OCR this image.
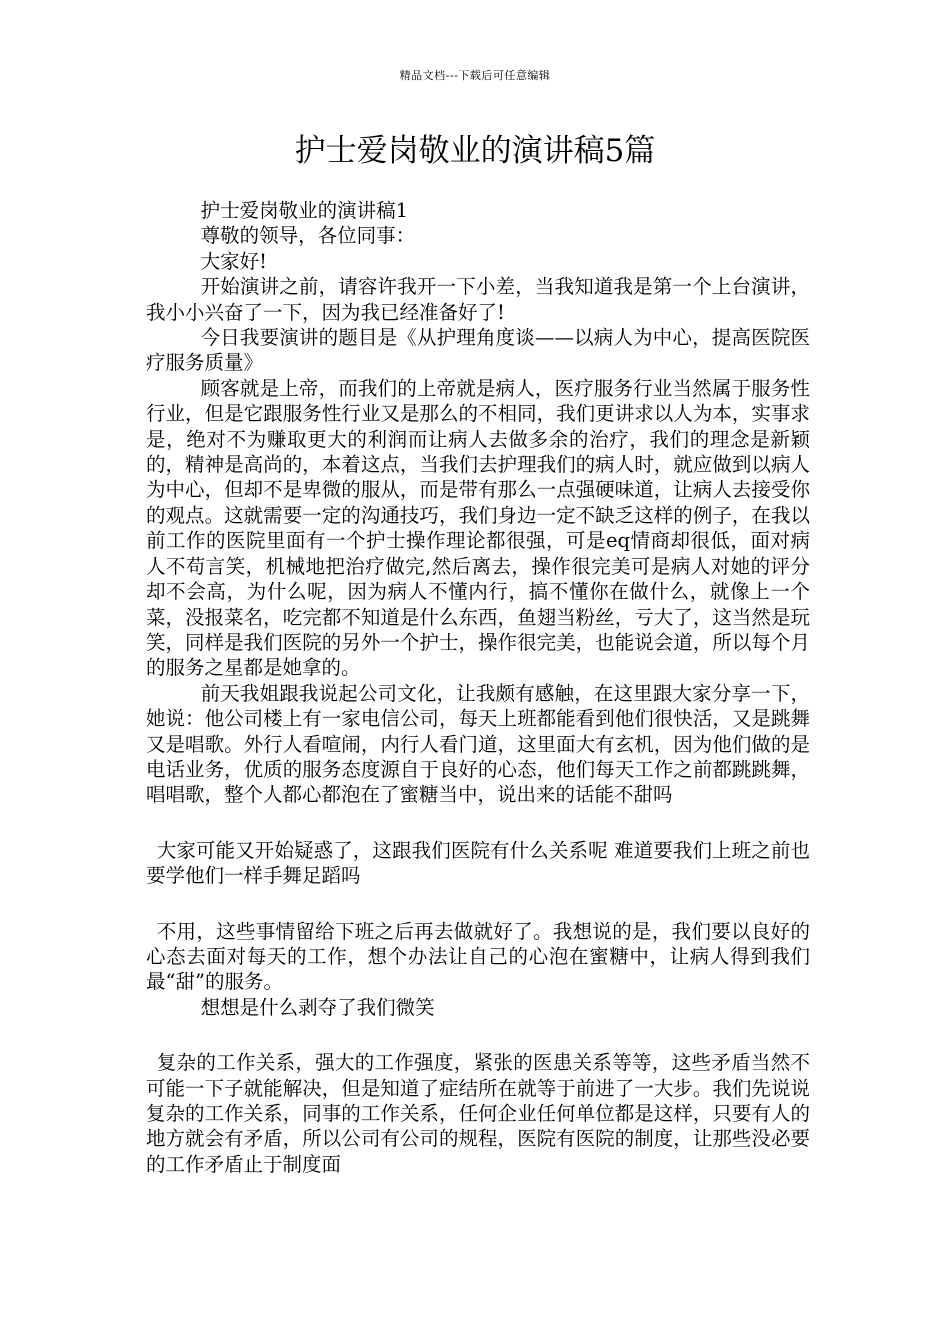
精品文档---下载后可任意编辑
护士爱岗敬业的演讲稿5篇

护士爱岗敬业的演讲稿1

尊敬的领导，各位同事：

大家好!

开始演讲之前，请容许我开一下小差，当我知道我是第一个上台演讲，我小小兴奋了一下，因为我已经准备好了!

今日我要演讲的题目是《从护理角度谈——以病人为中心，提高医院医疗服务质量》

顾客就是上帝，而我们的上帝就是病人，医疗服务行业当然属于服务性行业，但是它跟服务性行业又是那么的不相同，我们更讲求以人为本，实事求是，绝对不为赚取更大的利润而让病人去做多余的治疗，我们的理念是新颖的，精神是高尚的，本着这点，当我们去护理我们的病人时，就应做到以病人为中心，但却不是卑微的服从，而是带有那么一点强硬味道，让病人去接受你的观点。这就需要一定的沟通技巧，我们身边一定不缺乏这样的例子，在我以前工作的医院里面有一个护士操作理论都很强，可是eq情商却很低，面对病人不苟言笑，机械地把治疗做完,然后离去，操作很完美可是病人对她的评分却不会高，为什么呢，因为病人不懂内行，搞不懂你在做什么，就像上一个菜，没报菜名，吃完都不知道是什么东西，鱼翅当粉丝，亏大了，这当然是玩笑，同样是我们医院的另外一个护士，操作很完美，也能说会道，所以每个月的服务之星都是她拿的。

前天我姐跟我说起公司文化，让我颇有感触，在这里跟大家分享一下，她说：他公司楼上有一家电信公司，每天上班都能看到他们很快活，又是跳舞又是唱歌。外行人看喧闹，内行人看门道，这里面大有玄机，因为他们做的是电话业务，优质的服务态度源自于良好的心态，他们每天工作之前都跳跳舞，唱唱歌，整个人都心都泡在了蜜糖当中，说出来的话能不甜吗

大家可能又开始疑惑了，这跟我们医院有什么关系呢 难道要我们上班之前也要学他们一样手舞足蹈吗

不用，这些事情留给下班之后再去做就好了。我想说的是，我们要以良好的心态去面对每天的工作，想个办法让自己的心泡在蜜糖中，让病人得到我们最“甜”的服务。

想想是什么剥夺了我们微笑

复杂的工作关系，强大的工作强度，紧张的医患关系等等，这些矛盾当然不可能一下子就能解决，但是知道了症结所在就等于前进了一大步。我们先说说复杂的工作关系，同事的工作关系，任何企业任何单位都是这样，只要有人的地方就会有矛盾，所以公司有公司的规程，医院有医院的制度，让那些没必要的工作矛盾止于制度面
